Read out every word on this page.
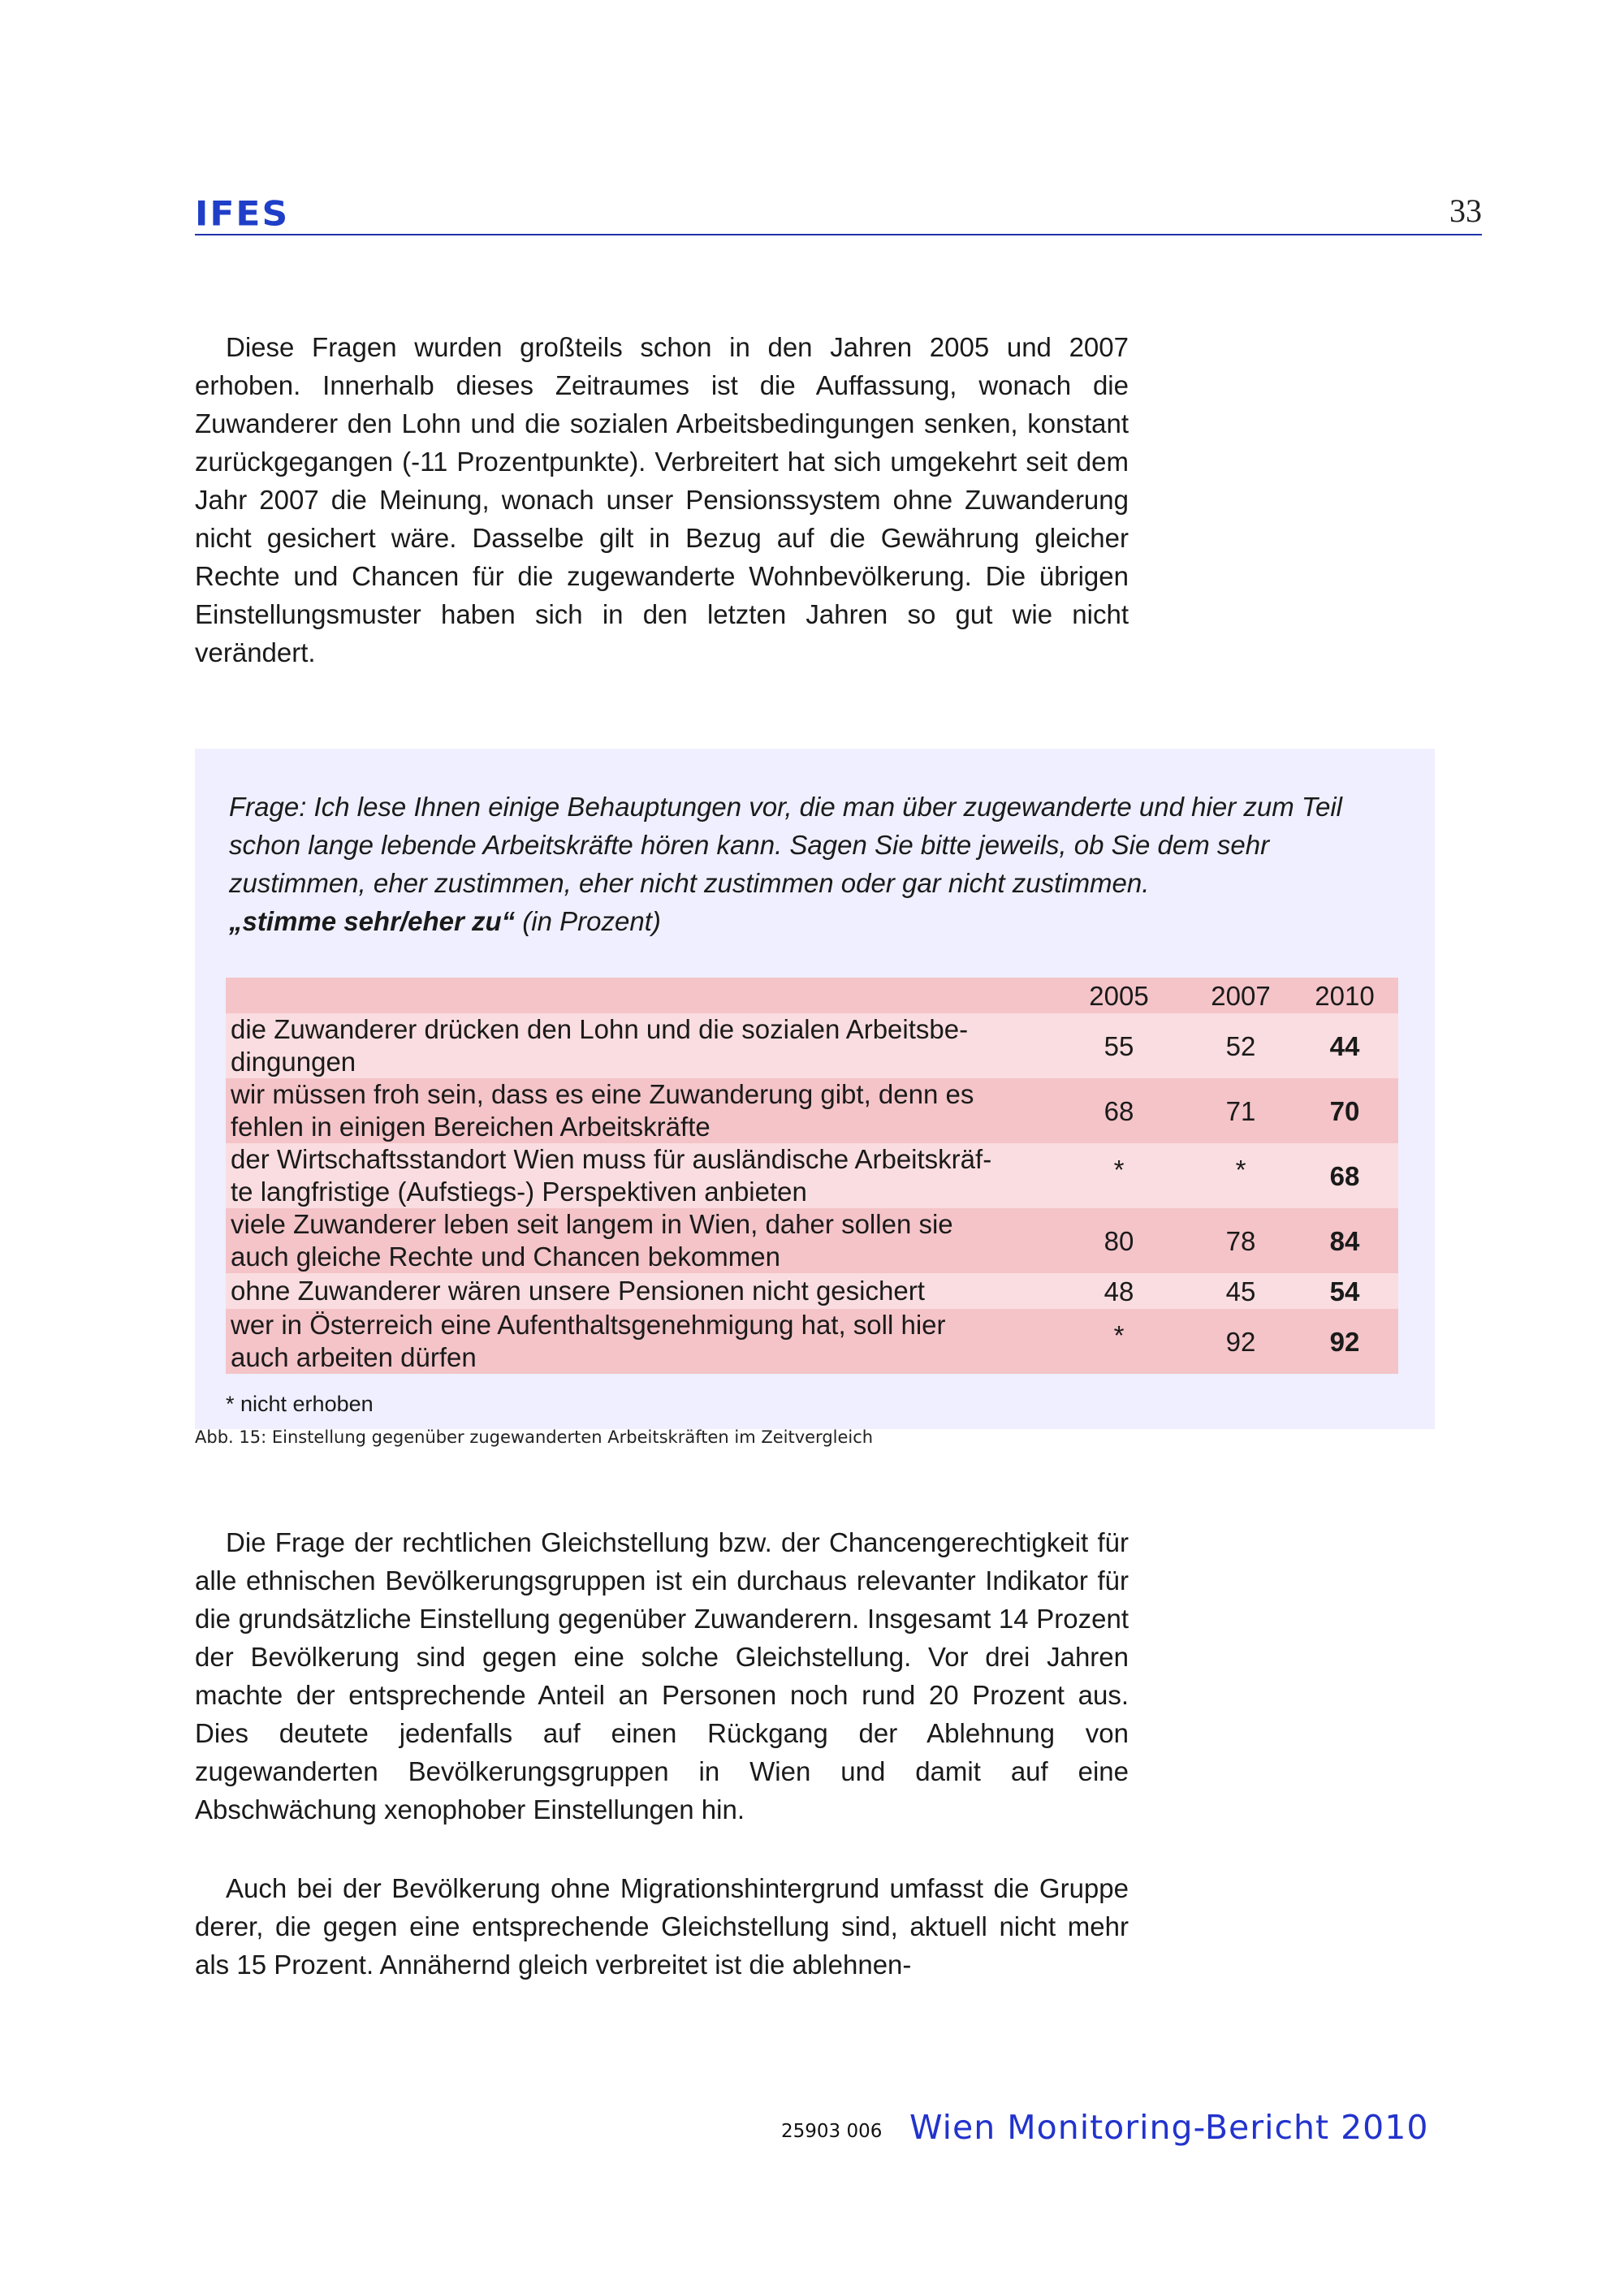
IFES	33

Diese Fragen wurden großteils schon in den Jahren 2005 und 2007 erhoben. Innerhalb dieses Zeitraumes ist die Auffassung, wonach die Zuwanderer den Lohn und die sozialen Arbeitsbedingungen senken, konstant zurückgegangen (-11 Prozentpunkte). Verbreitert hat sich umgekehrt seit dem Jahr 2007 die Meinung, wonach unser Pensionssystem ohne Zuwanderung nicht gesichert wäre. Dasselbe gilt in Bezug auf die Gewährung gleicher Rechte und Chancen für die zugewanderte Wohnbevölkerung. Die übrigen Einstellungsmuster haben sich in den letzten Jahren so gut wie nicht verändert.

Frage: Ich lese Ihnen einige Behauptungen vor, die man über zugewanderte und hier zum Teil schon lange lebende Arbeitskräfte hören kann. Sagen Sie bitte jeweils, ob Sie dem sehr zustimmen, eher zustimmen, eher nicht zustimmen oder gar nicht zustimmen.
„stimme sehr/eher zu“ (in Prozent)

2005	2007	2010
die Zuwanderer drücken den Lohn und die sozialen Arbeitsbe-
dingungen
55	52	44
wir müssen froh sein, dass es eine Zuwanderung gibt, denn es
fehlen in einigen Bereichen Arbeitskräfte
68	71	70
der Wirtschaftsstandort Wien muss für ausländische Arbeitskräf-
te langfristige (Aufstiegs-) Perspektiven anbieten
*	*	68
viele Zuwanderer leben seit langem in Wien, daher sollen sie
auch gleiche Rechte und Chancen bekommen
80	78	84
ohne Zuwanderer wären unsere Pensionen nicht gesichert	48	45	54
wer in Österreich eine Aufenthaltsgenehmigung hat, soll hier
auch arbeiten dürfen
*	92	92
* nicht erhoben
Abb. 15: Einstellung gegenüber zugewanderten Arbeitskräften im Zeitvergleich

Die Frage der rechtlichen Gleichstellung bzw. der Chancengerechtigkeit für alle ethnischen Bevölkerungsgruppen ist ein durchaus relevanter Indikator für die grundsätzliche Einstellung gegenüber Zuwanderern. Insgesamt 14 Prozent der Bevölkerung sind gegen eine solche Gleichstellung. Vor drei Jahren machte der entsprechende Anteil an Personen noch rund 20 Prozent aus. Dies deutete jedenfalls auf einen Rückgang der Ablehnung von zugewanderten Bevölkerungsgruppen in Wien und damit auf eine Abschwächung xenophober Einstellungen hin.

Auch bei der Bevölkerung ohne Migrationshintergrund umfasst die Gruppe derer, die gegen eine entsprechende Gleichstellung sind, aktuell nicht mehr als 15 Prozent. Annähernd gleich verbreitet ist die ablehnen-

25903 006 Wien Monitoring-Bericht 2010
